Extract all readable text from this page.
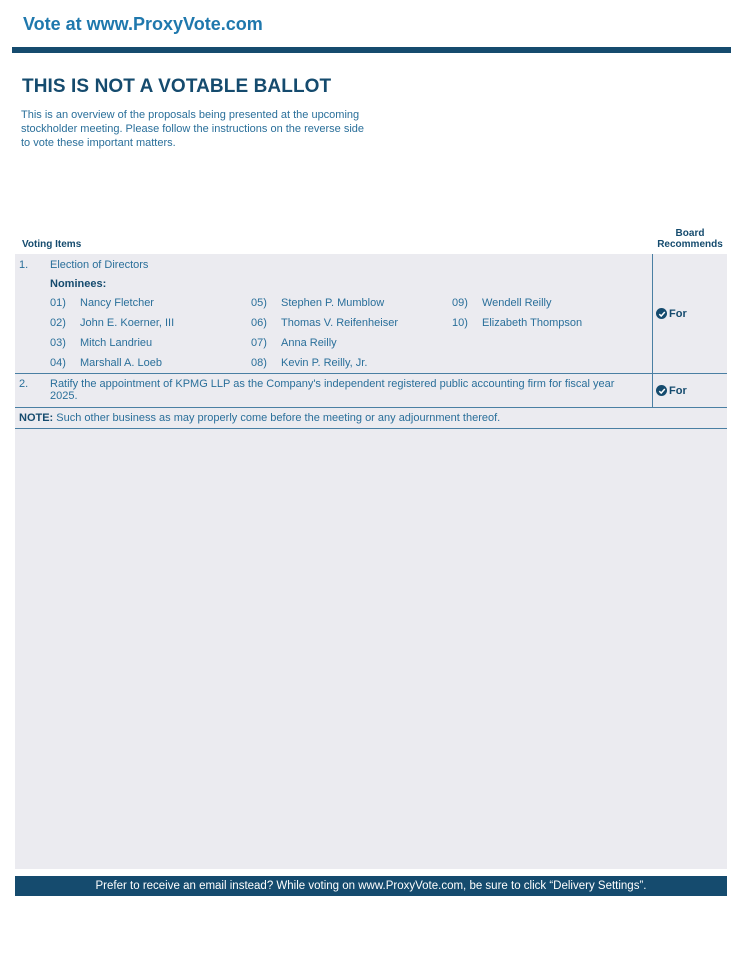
Vote at www.ProxyVote.com
THIS IS NOT A VOTABLE BALLOT
This is an overview of the proposals being presented at the upcoming stockholder meeting. Please follow the instructions on the reverse side to vote these important matters.
Voting Items
Board
Recommends
1. Election of Directors
Nominees:
01) Nancy Fletcher
02) John E. Koerner, III
03) Mitch Landrieu
04) Marshall A. Loeb
05) Stephen P. Mumblow
06) Thomas V. Reifenheiser
07) Anna Reilly
08) Kevin P. Reilly, Jr.
09) Wendell Reilly
10) Elizabeth Thompson
For
2. Ratify the appointment of KPMG LLP as the Company's independent registered public accounting firm for fiscal year
2025.	For
NOTE: Such other business as may properly come before the meeting or any adjournment thereof.
Prefer to receive an email instead? While voting on www.ProxyVote.com, be sure to click “Delivery Settings”.
